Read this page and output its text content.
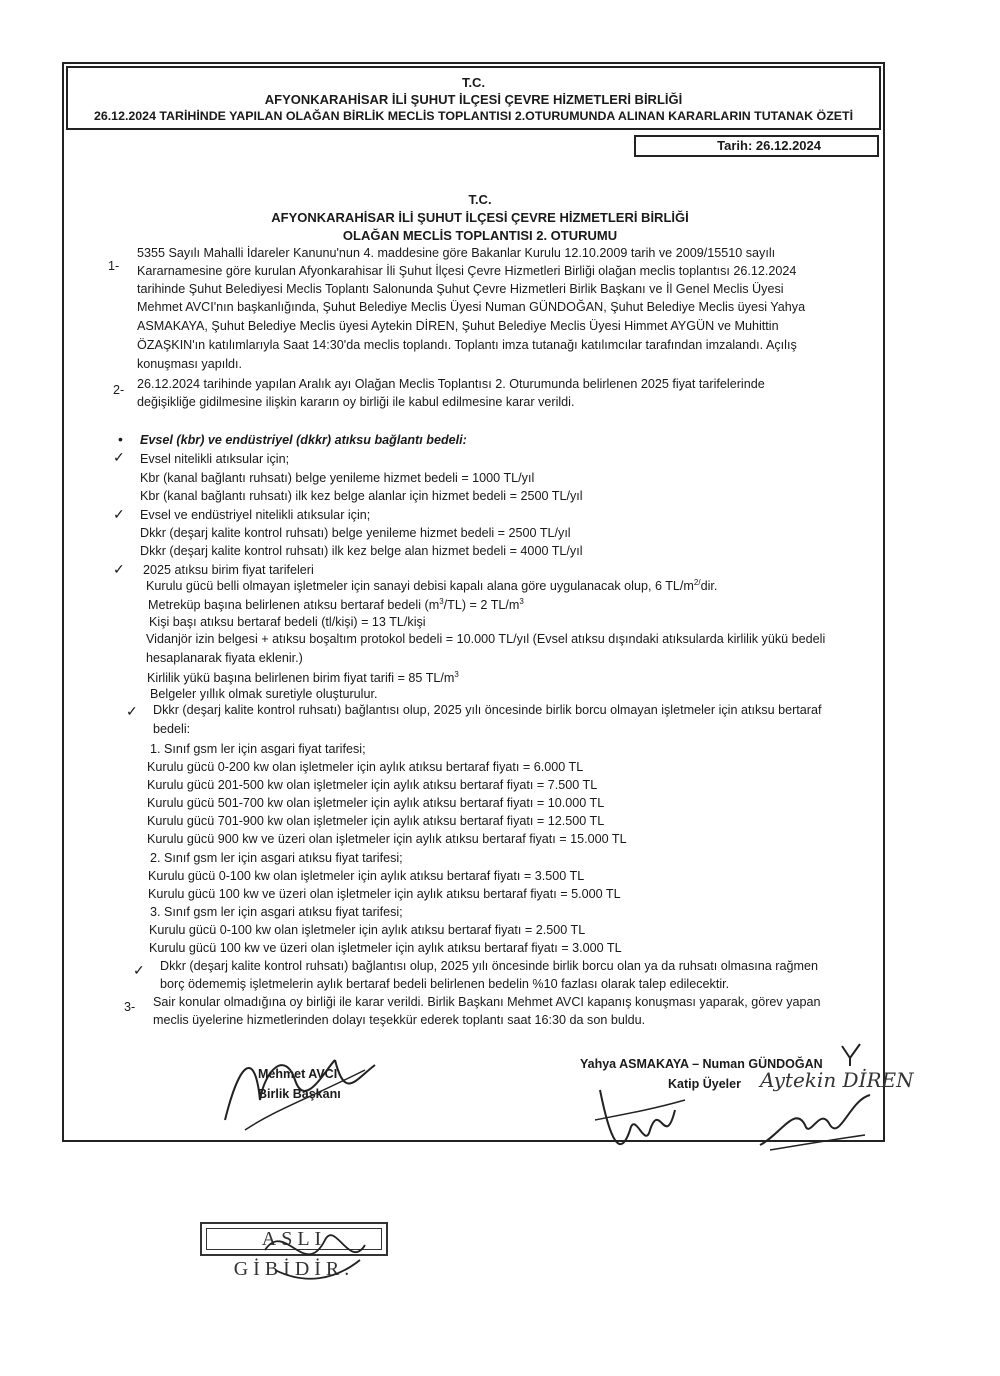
T.C.
AFYONKARAHİSAR İLİ ŞUHUT İLÇESİ ÇEVRE HİZMETLERİ BİRLİĞİ
26.12.2024 TARİHİNDE YAPILAN OLAĞAN BİRLİK MECLİS TOPLANTISI 2.OTURUMUNDA ALINAN KARARLARIN TUTANAK ÖZETİ
Tarih: 26.12.2024
T.C.
AFYONKARAHİSAR İLİ ŞUHUT İLÇESİ ÇEVRE HİZMETLERİ BİRLİĞİ
OLAĞAN MECLİS TOPLANTISI 2. OTURUMU
1-
5355 Sayılı Mahalli İdareler Kanunu'nun 4. maddesine göre Bakanlar Kurulu 12.10.2009 tarih ve 2009/15510 sayılı
Kararnamesine göre kurulan Afyonkarahisar İli Şuhut İlçesi Çevre Hizmetleri Birliği olağan meclis toplantısı 26.12.2024
tarihinde Şuhut Belediyesi Meclis Toplantı Salonunda Şuhut Çevre Hizmetleri Birlik Başkanı ve İl Genel Meclis Üyesi
Mehmet AVCI'nın başkanlığında, Şuhut Belediye Meclis Üyesi Numan GÜNDOĞAN, Şuhut Belediye Meclis üyesi Yahya
ASMAKAYA, Şuhut Belediye Meclis üyesi Aytekin DİREN, Şuhut Belediye Meclis Üyesi Himmet AYGÜN ve Muhittin
ÖZAŞKIN'ın katılımlarıyla Saat 14:30'da meclis toplandı. Toplantı imza tutanağı katılımcılar tarafından imzalandı. Açılış
konuşması yapıldı.
2- 26.12.2024 tarihinde yapılan Aralık ayı Olağan Meclis Toplantısı 2. Oturumunda belirlenen 2025 fiyat tarifelerinde
değişikliğe gidilmesine ilişkin kararın oy birliği ile kabul edilmesine karar verildi.
• Evsel (kbr) ve endüstriyel (dkkr) atıksu bağlantı bedeli:
✓ Evsel nitelikli atıksular için;
Kbr (kanal bağlantı ruhsatı) belge yenileme hizmet bedeli = 1000 TL/yıl
Kbr (kanal bağlantı ruhsatı) ilk kez belge alanlar için hizmet bedeli = 2500 TL/yıl
✓ Evsel ve endüstriyel nitelikli atıksular için;
Dkkr (deşarj kalite kontrol ruhsatı) belge yenileme hizmet bedeli = 2500 TL/yıl
Dkkr (deşarj kalite kontrol ruhsatı) ilk kez belge alan hizmet bedeli = 4000 TL/yıl
✓ 2025 atıksu birim fiyat tarifeleri
Kurulu gücü belli olmayan işletmeler için sanayi debisi kapalı alana göre uygulanacak olup, 6 $TL/m^{2/}dir$.
Metreküp başına belirlenen atıksu bertaraf bedeli $(m^3/TL) = 2$ $TL/m^3$
Kişi başı atıksu bertaraf bedeli (tl/kişi) = 13 TL/kişi
Vidanjör izin belgesi + atıksu boşaltım protokol bedeli = 10.000 TL/yıl (Evsel atıksu dışındaki atıksularda kirlilik yükü bedeli
hesaplanarak fiyata eklenir.)
Kirlilik yükü başına belirlenen birim fiyat tarifi = 85 $TL/m^3$
Belgeler yıllık olmak suretiyle oluşturulur.
✓ Dkkr (deşarj kalite kontrol ruhsatı) bağlantısı olup, 2025 yılı öncesinde birlik borcu olmayan işletmeler için atıksu bertaraf
bedeli:
1. Sınıf gsm ler için asgari fiyat tarifesi;
Kurulu gücü 0-200 kw olan işletmeler için aylık atıksu bertaraf fiyatı = 6.000 TL
Kurulu gücü 201-500 kw olan işletmeler için aylık atıksu bertaraf fiyatı = 7.500 TL
Kurulu gücü 501-700 kw olan işletmeler için aylık atıksu bertaraf fiyatı = 10.000 TL
Kurulu gücü 701-900 kw olan işletmeler için aylık atıksu bertaraf fiyatı = 12.500 TL
Kurulu gücü 900 kw ve üzeri olan işletmeler için aylık atıksu bertaraf fiyatı = 15.000 TL
2. Sınıf gsm ler için asgari atıksu fiyat tarifesi;
Kurulu gücü 0-100 kw olan işletmeler için aylık atıksu bertaraf fiyatı = 3.500 TL
Kurulu gücü 100 kw ve üzeri olan işletmeler için aylık atıksu bertaraf fiyatı = 5.000 TL
3. Sınıf gsm ler için asgari atıksu fiyat tarifesi;
Kurulu gücü 0-100 kw olan işletmeler için aylık atıksu bertaraf fiyatı = 2.500 TL
Kurulu gücü 100 kw ve üzeri olan işletmeler için aylık atıksu bertaraf fiyatı = 3.000 TL
✓ Dkkr (deşarj kalite kontrol ruhsatı) bağlantısı olup, 2025 yılı öncesinde birlik borcu olan ya da ruhsatı olmasına rağmen
borç ödememiş işletmelerin aylık bertaraf bedeli belirlenen bedelin %10 fazlası olarak talep edilecektir.
3- Sair konular olmadığına oy birliği ile karar verildi. Birlik Başkanı Mehmet AVCI kapanış konuşması yaparak, görev yapan
meclis üyelerine hizmetlerinden dolayı teşekkür ederek toplantı saat 16:30 da son buldu.
Mehmet AVCI
Birlik Başkanı
Yahya ASMAKAYA – Numan GÜNDOĞAN
Katip Üyeler Aytekin DİREN
ASLI GİBİDİR.
